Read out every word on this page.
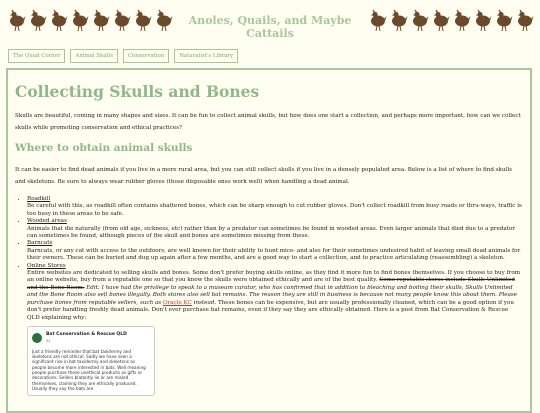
Anoles, Quails, and Maybe Cattails
The Quail Corner	Animal Skulls	Conservation	Naturalist's Library
Collecting Skulls and Bones

Skulls are beautiful, coming in many shapes and sizes. It can be fun to collect animal skulls, but how does one start a collection, and perhaps more important, how can we collect skulls while promoting conservation and ethical practices?

Where to obtain animal skulls

It can be easier to find dead animals if you live in a more rural area, but you can still collect skulls if you live in a densely populated area. Below is a list of where to find skulls and skeletons. Be sure to always wear rubber gloves (those disposable ones work well) when handling a dead animal.

• Roadkill
Be careful with this, as roadkill often contains shattered bones, which can be sharp enough to cut rubber gloves. Don't collect roadkill from busy roads or thru-ways, traffic is too busy in these areas to be safe.
• Wooded areas
Animals that die naturally (from old age, sickness, etc) rather than by a predator can sometimes be found in wooded areas. Even larger animals that died due to a predator can sometimes be found, although pieces of the skull and bones are sometimes missing from these.
• Barncats
Barncats, or any cat with access to the outdoors, are well known for their ability to hunt mice- and also for their sometimes undesired habit of leaving small dead animals for their owners. These can be buried and dug up again after a few months, and are a good way to start a collection, and to practice articulating (reassembling) a skeleton.
• Online Stores
Entire websites are dedicated to selling skulls and bones. Some don't prefer buying skulls online, as they find it more fun to find bones themselves. If you choose to buy from an online website, buy from a reputable one so that you know the skulls were obtained ethically and are of the best quality. Some reputable stores include Skulls Unlimited and the Bone Room. Edit: I have had the privilege to speak to a museum curator, who has confirmed that in addition to bleaching and boiling their skulls, Skulls Unlimited and the Bone Room also sell bones illegally. Both stores also sell bat remains. The reason they are still in business is because not many people know this about them. Please purchase bones from reputable sellers, such as Oracle KC instead. These bones can be expensive, but are usually professionally cleaned, which can be a good option if you don't prefer handling freshly dead animals. Don't ever purchase bat remains, even if they say they are ethically obtained. Here is a post from Bat Conservation & Rescue QLD explaining why:
Bat Conservation & Rescue QLD
9y
Just a friendly reminder that bat taxidermy and skeletons are not ethical. Sadly we have seen a significant rise in bat taxidermy and skeletons as people become more interested in bats. Well meaning people purchase these unethical products as gifts or decorations. Sellers blatantly lie or are misled themselves, claiming they are ethically produced. Usually they say the bats are
